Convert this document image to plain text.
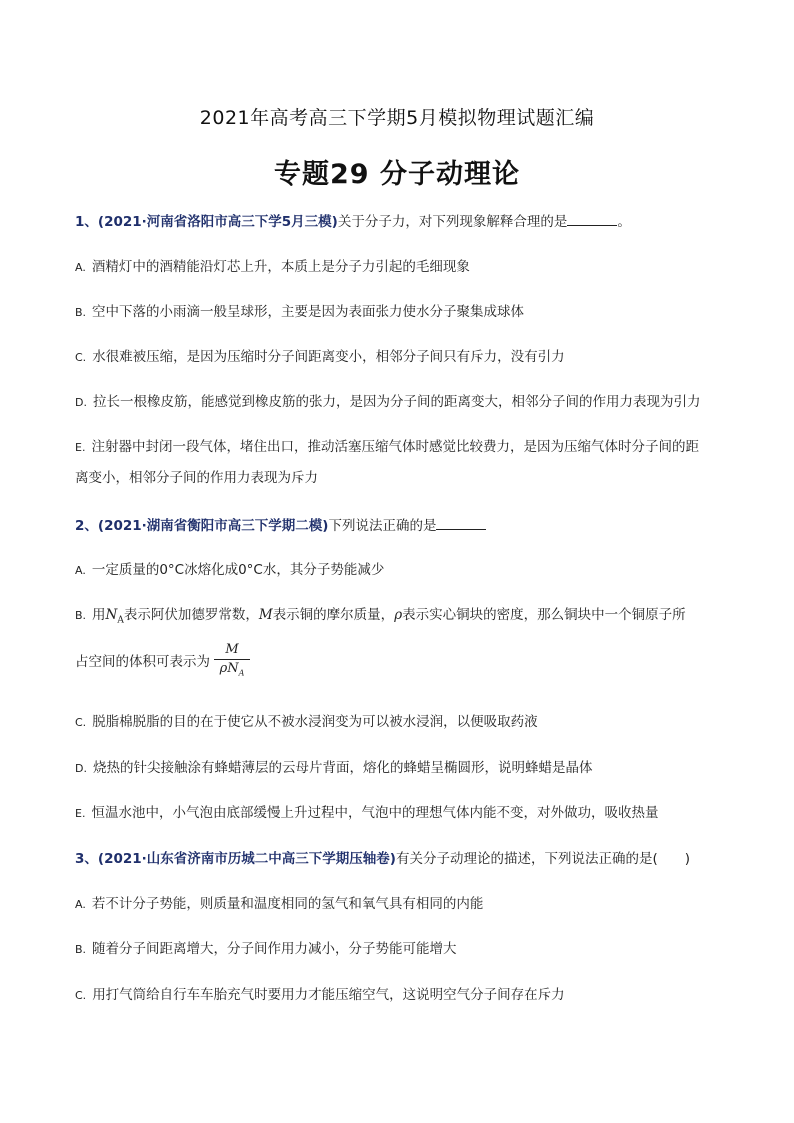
2021年高考高三下学期5月模拟物理试题汇编
专题29 分子动理论
1、(2021·河南省洛阳市高三下学5月三模)关于分子力，对下列现象解释合理的是	。
A. 酒精灯中的酒精能沿灯芯上升，本质上是分子力引起的毛细现象
B. 空中下落的小雨滴一般呈球形，主要是因为表面张力使水分子聚集成球体
C. 水很难被压缩，是因为压缩时分子间距离变小，相邻分子间只有斥力，没有引力
D. 拉长一根橡皮筋，能感觉到橡皮筋的张力，是因为分子间的距离变大，相邻分子间的作用力表现为引力
E. 注射器中封闭一段气体，堵住出口，推动活塞压缩气体时感觉比较费力，是因为压缩气体时分子间的距
离变小，相邻分子间的作用力表现为斥力
2、(2021·湖南省衡阳市高三下学期二模)下列说法正确的是
A. 一定质量的0°C冰熔化成0°C水，其分子势能减少
B. 用$N_A$表示阿伏加德罗常数，M表示铜的摩尔质量，ρ表示实心铜块的密度，那么铜块中一个铜原子所
占空间的体积可表示为
M
$\rho N_A$
C. 脱脂棉脱脂的目的在于使它从不被水浸润变为可以被水浸润，以便吸取药液
D. 烧热的针尖接触涂有蜂蜡薄层的云母片背面，熔化的蜂蜡呈椭圆形，说明蜂蜡是晶体
E. 恒温水池中，小气泡由底部缓慢上升过程中，气泡中的理想气体内能不变，对外做功，吸收热量
3、(2021·山东省济南市历城二中高三下学期压轴卷)有关分子动理论的描述，下列说法正确的是(　　)
A. 若不计分子势能，则质量和温度相同的氢气和氧气具有相同的内能
B. 随着分子间距离增大，分子间作用力减小，分子势能可能增大
C. 用打气筒给自行车车胎充气时要用力才能压缩空气，这说明空气分子间存在斥力
